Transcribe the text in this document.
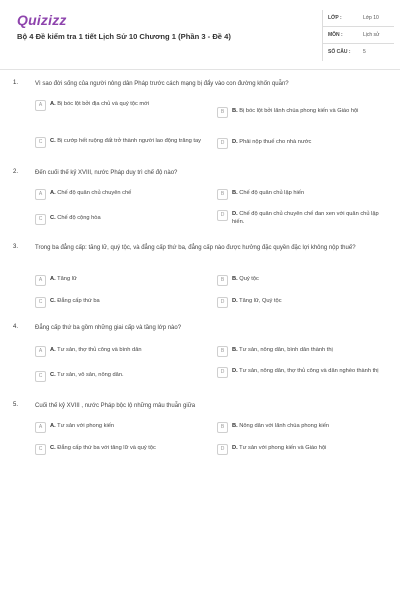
Quizizz
Bộ 4 Đề kiểm tra 1 tiết Lịch Sử 10 Chương 1 (Phần 3 - Đề 4)
LỚP :	Lớp 10
MÔN :	Lịch sử
SỐ CÂU :	5
1.	Vì sao đời sống của người nông dân Pháp trước cách mạng bị đẩy vào con đường khốn quẫn?
A	A. Bị bóc lột bởi địa chủ và quý tộc mới
B	B. Bị bóc lột bởi lãnh chúa phong kiến và Giáo hội
C	C. Bị cướp hết ruộng đất trở thành người lao động trăng tay	D	D. Phải nộp thuế cho nhà nước
2.	Đến cuối thế kỷ XVIII, nước Pháp duy trì chế độ nào?
A	A. Chế độ quân chủ chuyên chế	B	B. Chế độ quân chủ lập hiến
C	C. Chế độ cộng hòa	D	D. Chế độ quân chủ chuyên chế đan xen với quân chủ lập hiến.
3.	Trong ba đẳng cấp: tăng lữ, quý tộc, và đẳng cấp thứ ba, đẳng cấp nào được hưởng đặc quyền đặc lợi không nộp thuế?
A	A. Tăng lữ	B	B. Quý tộc
C	C. Đẳng cấp thứ ba	D	D. Tăng lữ, Quý tộc
4.	Đẳng cấp thứ ba gồm những giai cấp và tầng lớp nào?
A	A. Tư sản, thợ thủ công và bình dân	B	B. Tư sản, nông dân, bình dân thành thị
C	C. Tư sản, vô sản, nông dân.	D	D. Tư sản, nông dân, thợ thủ công và dân nghèo thành thị
5.	Cuối thế kỷ XVIII , nước Pháp bộc lộ những mâu thuẫn giữa
A	A. Tư sản với phong kiến	B	B. Nông dân với lãnh chúa phong kiến
C	C. Đẳng cấp thứ ba với tăng lữ và quý tộc	D	D. Tư sản với phong kiến và Giáo hội
